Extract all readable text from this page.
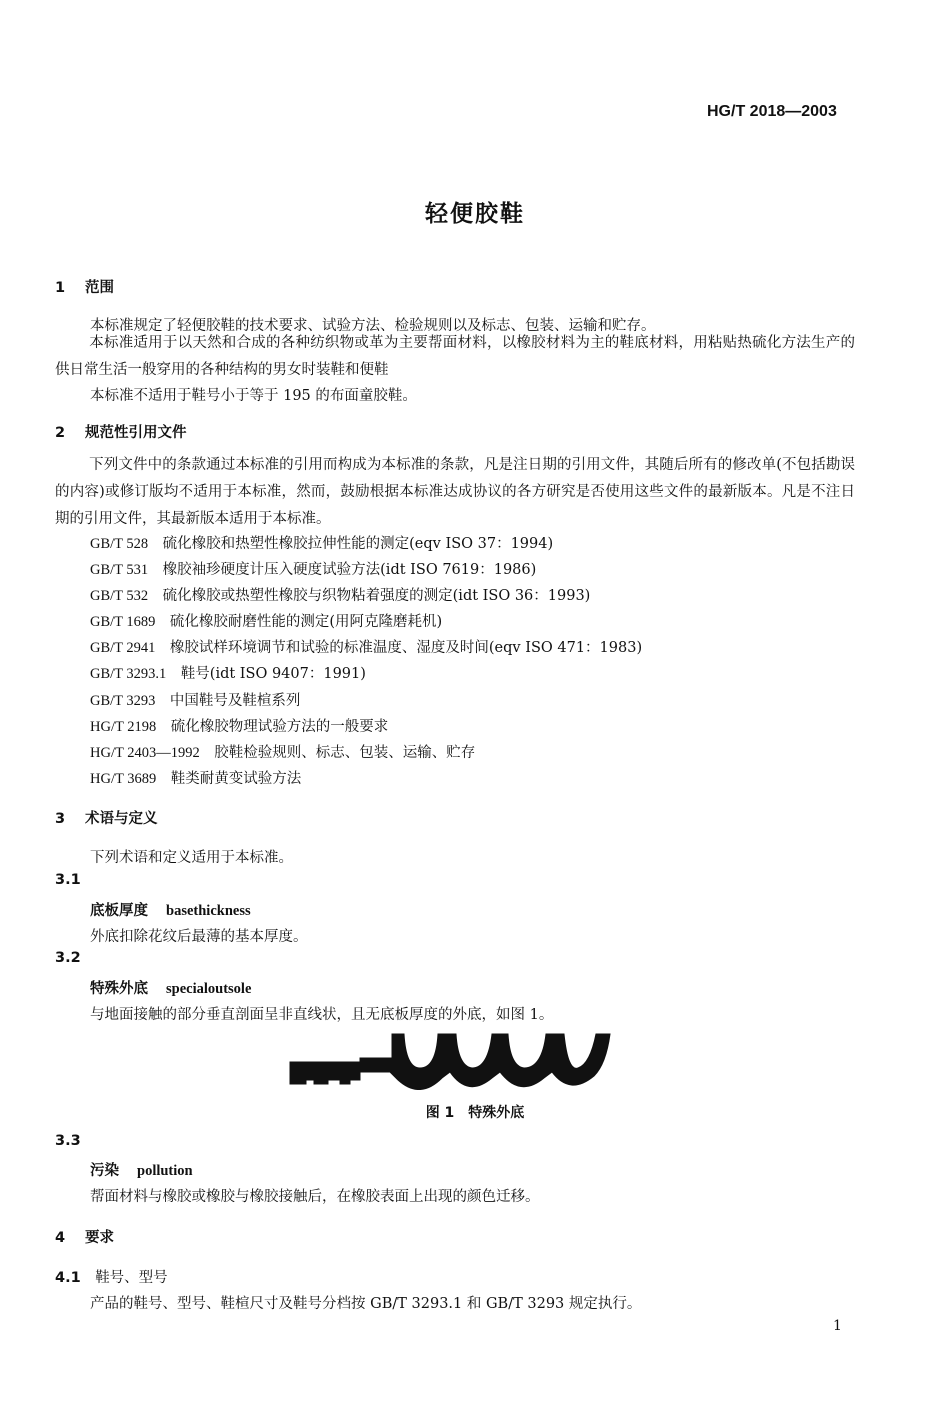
HG/T 2018—2003
轻便胶鞋
1 范围
本标准规定了轻便胶鞋的技术要求、试验方法、检验规则以及标志、包装、运输和贮存。
本标准适用于以天然和合成的各种纺织物或革为主要帮面材料，以橡胶材料为主的鞋底材料，用粘贴热硫化方法生产的供日常生活一般穿用的各种结构的男女时装鞋和便鞋
本标准不适用于鞋号小于等于 195 的布面童胶鞋。
2 规范性引用文件
下列文件中的条款通过本标准的引用而构成为本标准的条款，凡是注日期的引用文件，其随后所有的修改单(不包括勘误的内容)或修订版均不适用于本标准，然而，鼓励根据本标准达成协议的各方研究是否使用这些文件的最新版本。凡是不注日期的引用文件，其最新版本适用于本标准。
GB/T 528　 硫化橡胶和热塑性橡胶拉伸性能的测定(eqv ISO 37：1994)
GB/T 531　 橡胶袖珍硬度计压入硬度试验方法(idt ISO 7619：1986)
GB/T 532　 硫化橡胶或热塑性橡胶与织物粘着强度的测定(idt ISO 36：1993)
GB/T 1689　 硫化橡胶耐磨性能的测定(用阿克隆磨耗机)
GB/T 2941　 橡胶试样环境调节和试验的标准温度、湿度及时间(eqv ISO 471：1983)
GB/T 3293.1　 鞋号(idt ISO 9407：1991)
GB/T 3293　 中国鞋号及鞋楦系列
HG/T 2198　 硫化橡胶物理试验方法的一般要求
HG/T 2403—1992　 胶鞋检验规则、标志、包装、运输、贮存
HG/T 3689　 鞋类耐黄变试验方法
3 术语与定义
下列术语和定义适用于本标准。
3.1
底板厚度 basethickness
外底扣除花纹后最薄的基本厚度。
3.2
特殊外底 specialoutsole
与地面接触的部分垂直剖面呈非直线状，且无底板厚度的外底，如图 1。
图 1　特殊外底
3.3
污染 pollution
帮面材料与橡胶或橡胶与橡胶接触后，在橡胶表面上出现的颜色迁移。
4 要求
4.1　 鞋号、型号
产品的鞋号、型号、鞋楦尺寸及鞋号分档按 GB/T 3293.1 和 GB/T 3293 规定执行。
1
